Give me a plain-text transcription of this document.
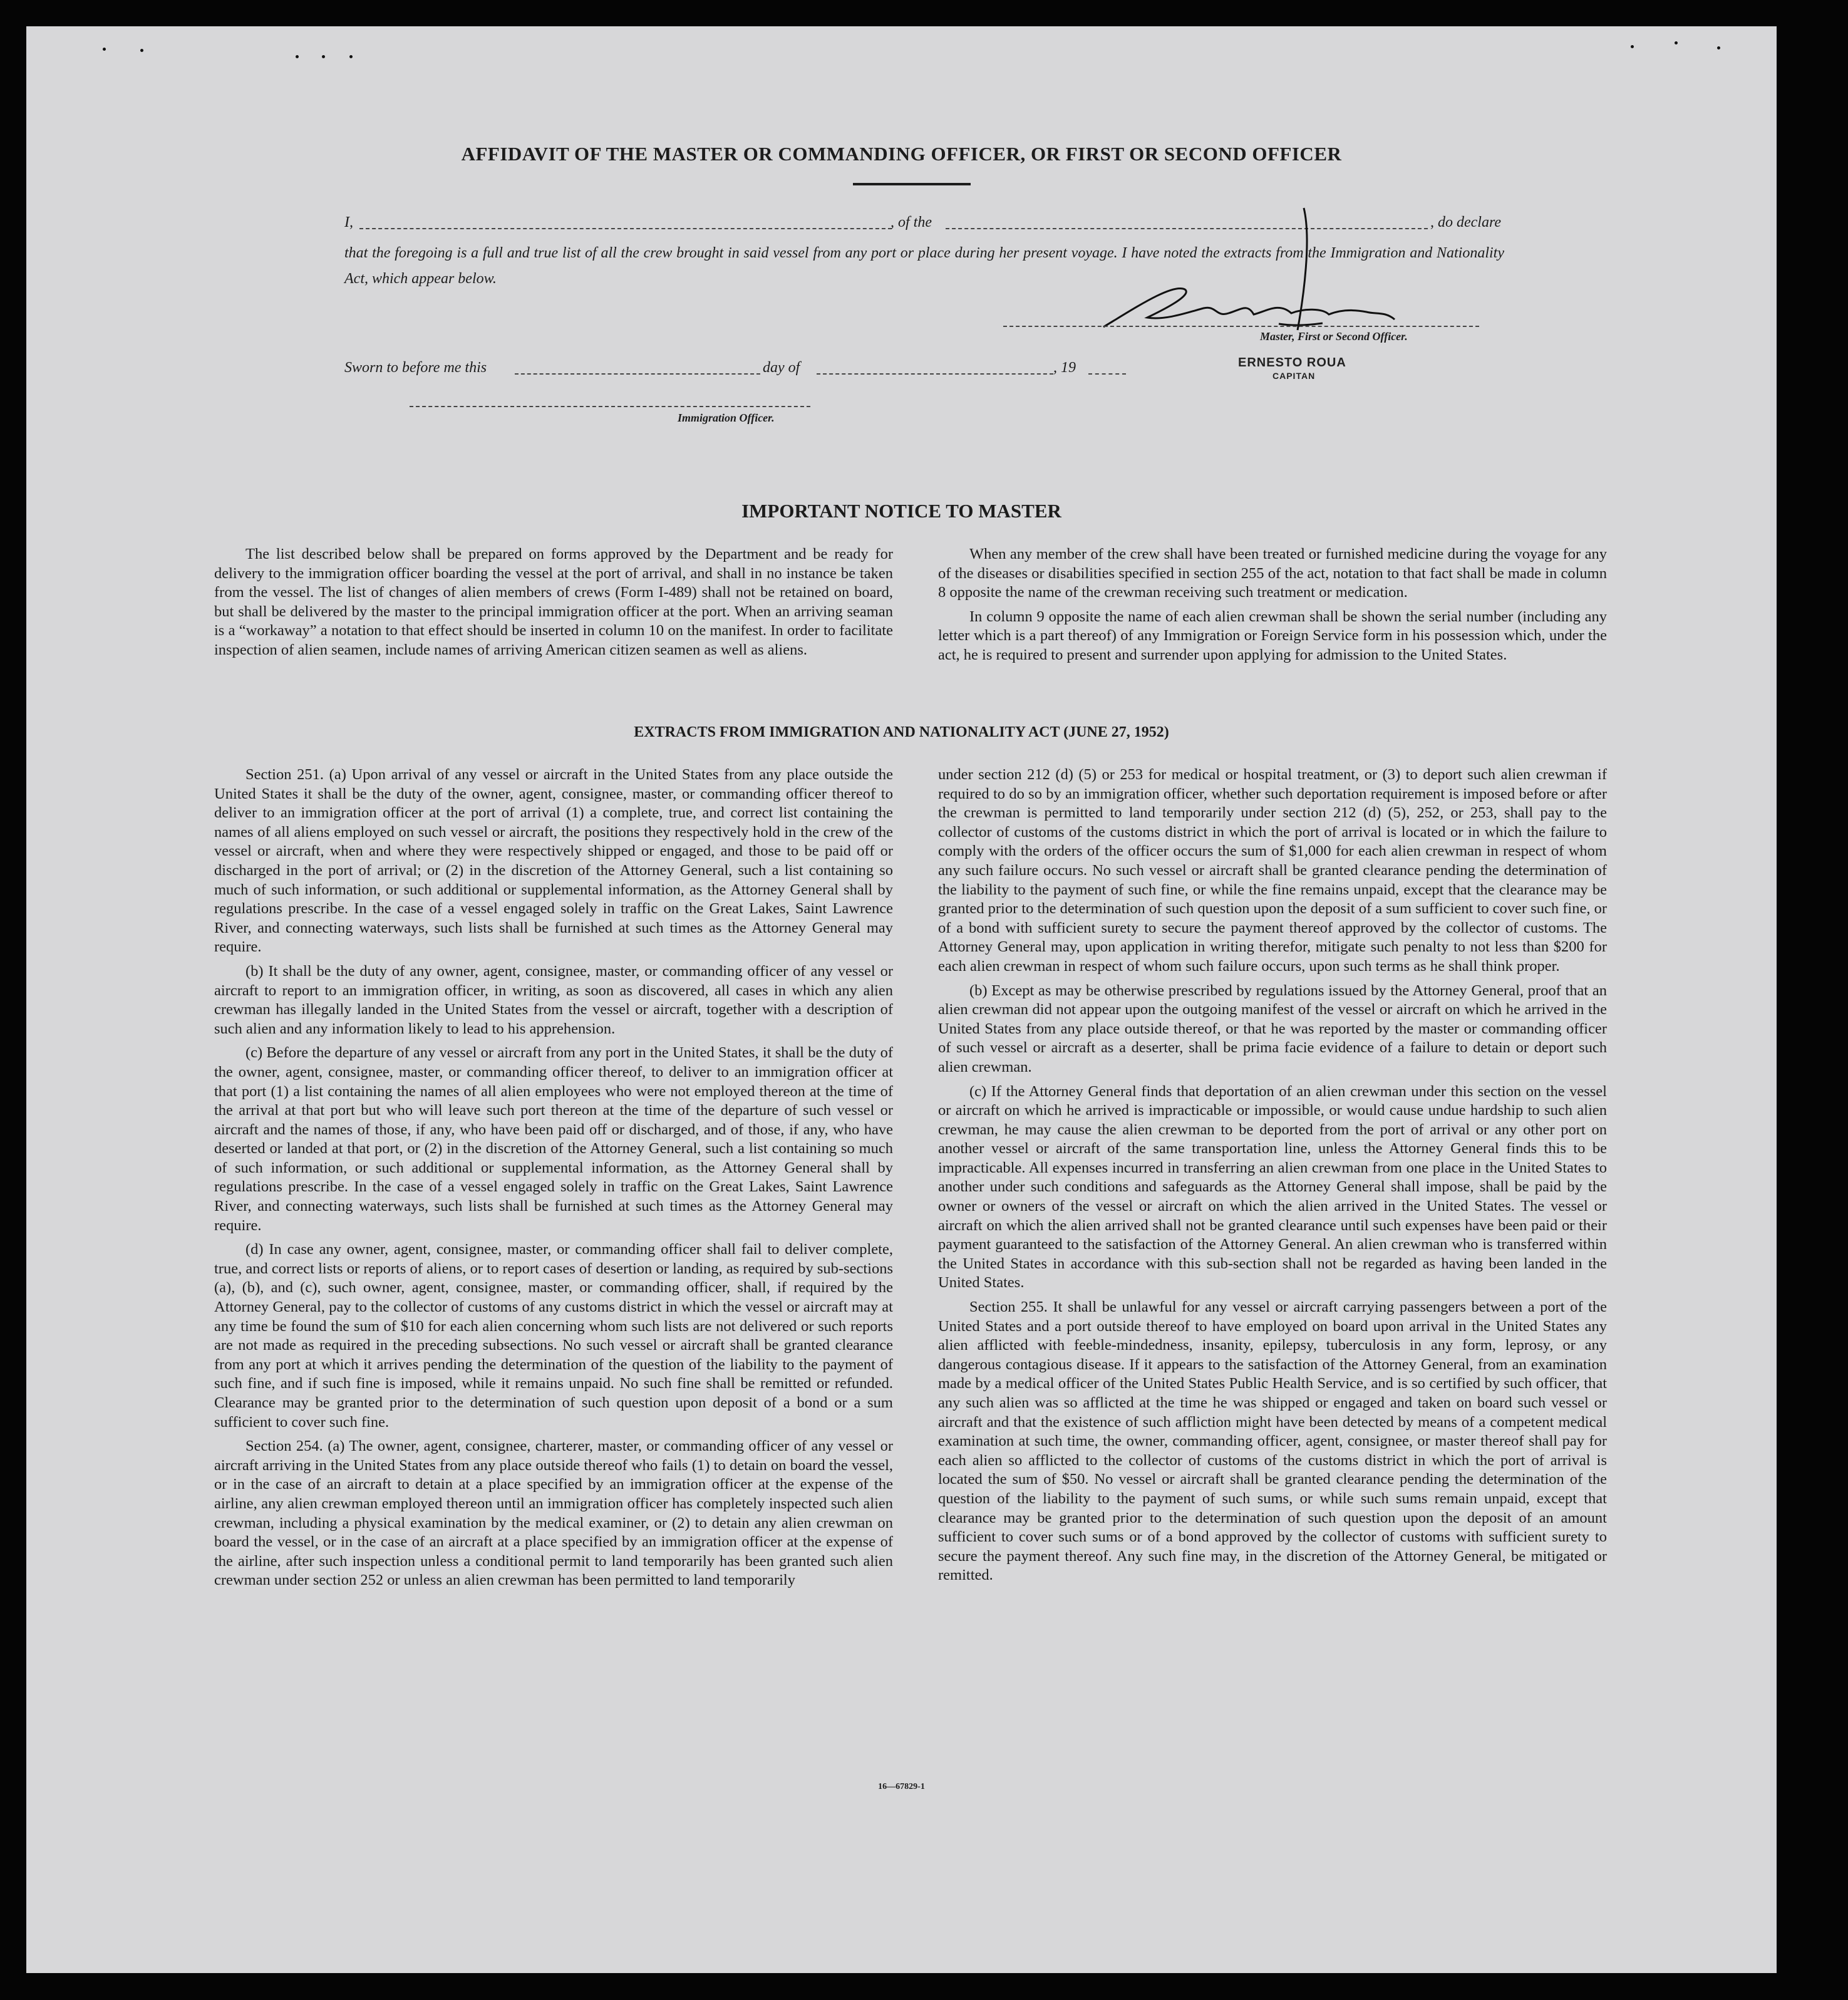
AFFIDAVIT OF THE MASTER OR COMMANDING OFFICER, OR FIRST OR SECOND OFFICER
I,	, of the	, do declare
that the foregoing is a full and true list of all the crew brought in said vessel from any port or place during her present voyage. I have noted the extracts from the Immigration and Nationality Act, which appear below.
Master, First or Second Officer.
Sworn to before me this	day of	, 19	ERNESTO ROUA
CAPITAN
Immigration Officer.
IMPORTANT NOTICE TO MASTER

The list described below shall be prepared on forms approved by the Department and be ready for delivery to the immigration officer boarding the vessel at the port of arrival, and shall in no instance be taken from the vessel. The list of changes of alien members of crews (Form I-489) shall not be retained on board, but shall be delivered by the master to the principal immigration officer at the port. When an arriving seaman is a “workaway” a notation to that effect should be inserted in column 10 on the manifest. In order to facilitate inspection of alien seamen, include names of arriving American citizen seamen as well as aliens.

When any member of the crew shall have been treated or furnished medicine during the voyage for any of the diseases or disabilities specified in section 255 of the act, notation to that fact shall be made in column 8 opposite the name of the crewman receiving such treatment or medication.

In column 9 opposite the name of each alien crewman shall be shown the serial number (including any letter which is a part thereof) of any Immigration or Foreign Service form in his possession which, under the act, he is required to present and surrender upon applying for admission to the United States.

EXTRACTS FROM IMMIGRATION AND NATIONALITY ACT (JUNE 27, 1952)

Section 251. (a) Upon arrival of any vessel or aircraft in the United States from any place outside the United States it shall be the duty of the owner, agent, consignee, master, or commanding officer thereof to deliver to an immigration officer at the port of arrival (1) a complete, true, and correct list containing the names of all aliens employed on such vessel or aircraft, the positions they respectively hold in the crew of the vessel or aircraft, when and where they were respectively shipped or engaged, and those to be paid off or discharged in the port of arrival; or (2) in the discretion of the Attorney General, such a list containing so much of such information, or such additional or supplemental information, as the Attorney General shall by regulations prescribe. In the case of a vessel engaged solely in traffic on the Great Lakes, Saint Lawrence River, and connecting waterways, such lists shall be furnished at such times as the Attorney General may require.

(b) It shall be the duty of any owner, agent, consignee, master, or commanding officer of any vessel or aircraft to report to an immigration officer, in writing, as soon as discovered, all cases in which any alien crewman has illegally landed in the United States from the vessel or aircraft, together with a description of such alien and any information likely to lead to his apprehension.

(c) Before the departure of any vessel or aircraft from any port in the United States, it shall be the duty of the owner, agent, consignee, master, or commanding officer thereof, to deliver to an immigration officer at that port (1) a list containing the names of all alien employees who were not employed thereon at the time of the arrival at that port but who will leave such port thereon at the time of the departure of such vessel or aircraft and the names of those, if any, who have been paid off or discharged, and of those, if any, who have deserted or landed at that port, or (2) in the discretion of the Attorney General, such a list containing so much of such information, or such additional or supplemental information, as the Attorney General shall by regulations prescribe. In the case of a vessel engaged solely in traffic on the Great Lakes, Saint Lawrence River, and connecting waterways, such lists shall be furnished at such times as the Attorney General may require.

(d) In case any owner, agent, consignee, master, or commanding officer shall fail to deliver complete, true, and correct lists or reports of aliens, or to report cases of desertion or landing, as required by sub-sections (a), (b), and (c), such owner, agent, consignee, master, or commanding officer, shall, if required by the Attorney General, pay to the collector of customs of any customs district in which the vessel or aircraft may at any time be found the sum of $10 for each alien concerning whom such lists are not delivered or such reports are not made as required in the preceding subsections. No such vessel or aircraft shall be granted clearance from any port at which it arrives pending the determination of the question of the liability to the payment of such fine, and if such fine is imposed, while it remains unpaid. No such fine shall be remitted or refunded. Clearance may be granted prior to the determination of such question upon deposit of a bond or a sum sufficient to cover such fine.

Section 254. (a) The owner, agent, consignee, charterer, master, or commanding officer of any vessel or aircraft arriving in the United States from any place outside thereof who fails (1) to detain on board the vessel, or in the case of an aircraft to detain at a place specified by an immigration officer at the expense of the airline, any alien crewman employed thereon until an immigration officer has completely inspected such alien crewman, including a physical examination by the medical examiner, or (2) to detain any alien crewman on board the vessel, or in the case of an aircraft at a place specified by an immigration officer at the expense of the airline, after such inspection unless a conditional permit to land temporarily has been granted such alien crewman under section 252 or unless an alien crewman has been permitted to land temporarily

under section 212 (d) (5) or 253 for medical or hospital treatment, or (3) to deport such alien crewman if required to do so by an immigration officer, whether such deportation requirement is imposed before or after the crewman is permitted to land temporarily under section 212 (d) (5), 252, or 253, shall pay to the collector of customs of the customs district in which the port of arrival is located or in which the failure to comply with the orders of the officer occurs the sum of $1,000 for each alien crewman in respect of whom any such failure occurs. No such vessel or aircraft shall be granted clearance pending the determination of the liability to the payment of such fine, or while the fine remains unpaid, except that the clearance may be granted prior to the determination of such question upon the deposit of a sum sufficient to cover such fine, or of a bond with sufficient surety to secure the payment thereof approved by the collector of customs. The Attorney General may, upon application in writing therefor, mitigate such penalty to not less than $200 for each alien crewman in respect of whom such failure occurs, upon such terms as he shall think proper.

(b) Except as may be otherwise prescribed by regulations issued by the Attorney General, proof that an alien crewman did not appear upon the outgoing manifest of the vessel or aircraft on which he arrived in the United States from any place outside thereof, or that he was reported by the master or commanding officer of such vessel or aircraft as a deserter, shall be prima facie evidence of a failure to detain or deport such alien crewman.

(c) If the Attorney General finds that deportation of an alien crewman under this section on the vessel or aircraft on which he arrived is impracticable or impossible, or would cause undue hardship to such alien crewman, he may cause the alien crewman to be deported from the port of arrival or any other port on another vessel or aircraft of the same transportation line, unless the Attorney General finds this to be impracticable. All expenses incurred in transferring an alien crewman from one place in the United States to another under such conditions and safeguards as the Attorney General shall impose, shall be paid by the owner or owners of the vessel or aircraft on which the alien arrived in the United States. The vessel or aircraft on which the alien arrived shall not be granted clearance until such expenses have been paid or their payment guaranteed to the satisfaction of the Attorney General. An alien crewman who is transferred within the United States in accordance with this sub-section shall not be regarded as having been landed in the United States.

Section 255. It shall be unlawful for any vessel or aircraft carrying passengers between a port of the United States and a port outside thereof to have employed on board upon arrival in the United States any alien afflicted with feeble-mindedness, insanity, epilepsy, tuberculosis in any form, leprosy, or any dangerous contagious disease. If it appears to the satisfaction of the Attorney General, from an examination made by a medical officer of the United States Public Health Service, and is so certified by such officer, that any such alien was so afflicted at the time he was shipped or engaged and taken on board such vessel or aircraft and that the existence of such affliction might have been detected by means of a competent medical examination at such time, the owner, commanding officer, agent, consignee, or master thereof shall pay for each alien so afflicted to the collector of customs of the customs district in which the port of arrival is located the sum of $50. No vessel or aircraft shall be granted clearance pending the determination of the question of the liability to the payment of such sums, or while such sums remain unpaid, except that clearance may be granted prior to the determination of such question upon the deposit of an amount sufficient to cover such sums or of a bond approved by the collector of customs with sufficient surety to secure the payment thereof. Any such fine may, in the discretion of the Attorney General, be mitigated or remitted.

16—67829-1
